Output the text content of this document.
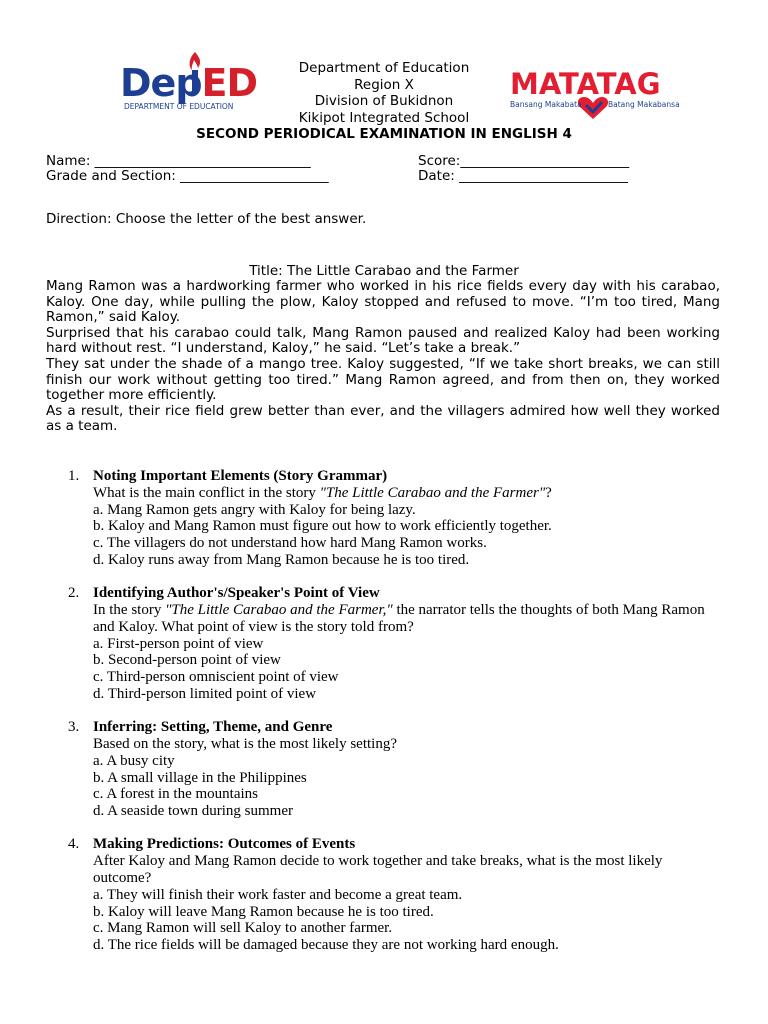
DepED
DEPARTMENT OF EDUCATION
Department of Education
Region X
Division of Bukidnon
Kikipot Integrated School
SECOND PERIODICAL EXAMINATION IN ENGLISH 4
MATATAG
Bansang Makabata	Batang Makabansa
Name: ________________________________	Score:_________________________
Grade and Section: ______________________	Date: _________________________
Direction: Choose the letter of the best answer.
Title: The Little Carabao and the Farmer

Mang Ramon was a hardworking farmer who worked in his rice fields every day with his carabao, Kaloy. One day, while pulling the plow, Kaloy stopped and refused to move. “I’m too tired, Mang Ramon,” said Kaloy.

Surprised that his carabao could talk, Mang Ramon paused and realized Kaloy had been working hard without rest. “I understand, Kaloy,” he said. “Let’s take a break.”

They sat under the shade of a mango tree. Kaloy suggested, “If we take short breaks, we can still finish our work without getting too tired.” Mang Ramon agreed, and from then on, they worked together more efficiently.

As a result, their rice field grew better than ever, and the villagers admired how well they worked as a team.

1. Noting Important Elements (Story Grammar)
What is the main conflict in the story "The Little Carabao and the Farmer"?
a. Mang Ramon gets angry with Kaloy for being lazy.
b. Kaloy and Mang Ramon must figure out how to work efficiently together.
c. The villagers do not understand how hard Mang Ramon works.
d. Kaloy runs away from Mang Ramon because he is too tired.
2. Identifying Author's/Speaker's Point of View
In the story "The Little Carabao and the Farmer," the narrator tells the thoughts of both Mang Ramon and Kaloy. What point of view is the story told from?
a. First-person point of view
b. Second-person point of view
c. Third-person omniscient point of view
d. Third-person limited point of view
3. Inferring: Setting, Theme, and Genre
Based on the story, what is the most likely setting?
a. A busy city
b. A small village in the Philippines
c. A forest in the mountains
d. A seaside town during summer
4. Making Predictions: Outcomes of Events
After Kaloy and Mang Ramon decide to work together and take breaks, what is the most likely outcome?
a. They will finish their work faster and become a great team.
b. Kaloy will leave Mang Ramon because he is too tired.
c. Mang Ramon will sell Kaloy to another farmer.
d. The rice fields will be damaged because they are not working hard enough.
